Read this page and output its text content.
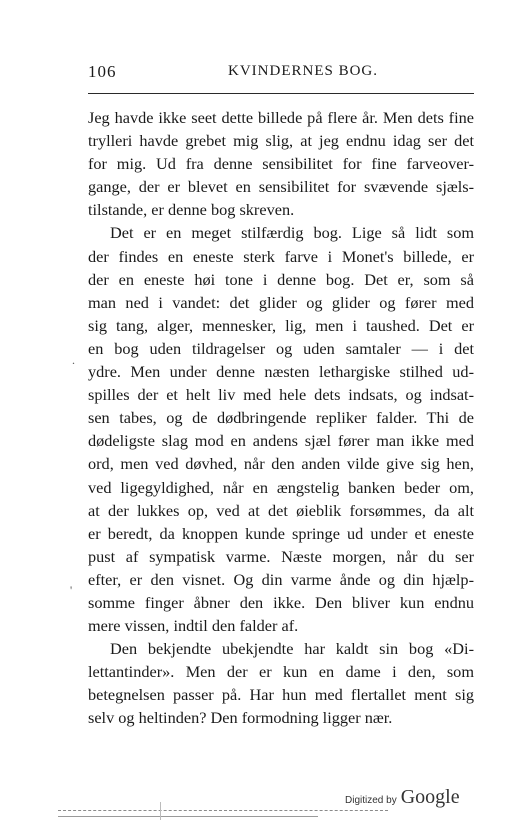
106	KVINDERNES BOG.
Jeg havde ikke seet dette billede på flere år. Men dets fine
trylleri havde grebet mig slig, at jeg endnu idag ser det
for mig. Ud fra denne sensibilitet for fine farveover-
gange, der er blevet en sensibilitet for svævende sjæls-
tilstande, er denne bog skreven.
Det er en meget stilfærdig bog. Lige så lidt som
der findes en eneste sterk farve i Monet's billede, er
der en eneste høi tone i denne bog. Det er, som så
man ned i vandet: det glider og glider og fører med
sig tang, alger, mennesker, lig, men i taushed. Det er
en bog uden tildragelser og uden samtaler — i det
ydre. Men under denne næsten lethargiske stilhed ud-
spilles der et helt liv med hele dets indsats, og indsat-
sen tabes, og de dødbringende repliker falder. Thi de
dødeligste slag mod en andens sjæl fører man ikke med
ord, men ved døvhed, når den anden vilde give sig hen,
ved ligegyldighed, når en ængstelig banken beder om,
at der lukkes op, ved at det øieblik forsømmes, da alt
er beredt, da knoppen kunde springe ud under et eneste
pust af sympatisk varme. Næste morgen, når du ser
efter, er den visnet. Og din varme ånde og din hjælp-
somme finger åbner den ikke. Den bliver kun endnu
mere vissen, indtil den falder af.
Den bekjendte ubekjendte har kaldt sin bog «Di-
lettantinder». Men der er kun en dame i den, som
betegnelsen passer på. Har hun med flertallet ment sig
selv og heltinden? Den formodning ligger nær.
.
'
Digitized by Google
